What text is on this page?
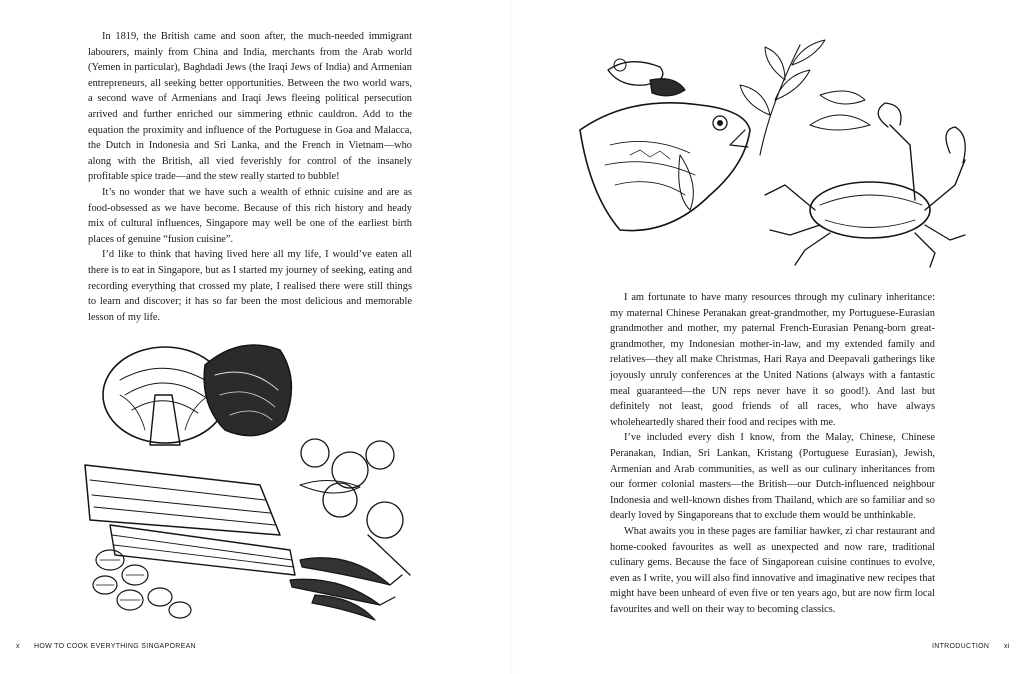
In 1819, the British came and soon after, the much-needed immigrant labourers, mainly from China and India, merchants from the Arab world (Yemen in particular), Baghdadi Jews (the Iraqi Jews of India) and Armenian entrepreneurs, all seeking better opportunities. Between the two world wars, a second wave of Armenians and Iraqi Jews fleeing political persecution arrived and further enriched our simmering ethnic cauldron. Add to the equation the proximity and influence of the Portuguese in Goa and Malacca, the Dutch in Indonesia and Sri Lanka, and the French in Vietnam—who along with the British, all vied feverishly for control of the insanely profitable spice trade—and the stew really started to bubble!

It’s no wonder that we have such a wealth of ethnic cuisine and are as food-obsessed as we have become. Because of this rich history and heady mix of cultural influences, Singapore may well be one of the earliest birth places of genuine “fusion cuisine”.

I’d like to think that having lived here all my life, I would’ve eaten all there is to eat in Singapore, but as I started my journey of seeking, eating and recording everything that crossed my plate, I realised there were still things to learn and discover; it has so far been the most delicious and memorable lesson of my life.

I am fortunate to have many resources through my culinary inheritance: my maternal Chinese Peranakan great-grandmother, my Portuguese-Eurasian grandmother and mother, my paternal French-Eurasian Penang-born great-grandmother, my Indonesian mother-in-law, and my extended family and relatives—they all make Christmas, Hari Raya and Deepavali gatherings like joyously unruly conferences at the United Nations (always with a fantastic meal guaranteed—the UN reps never have it so good!). And last but definitely not least, good friends of all races, who have always wholeheartedly shared their food and recipes with me.

I’ve included every dish I know, from the Malay, Chinese, Chinese Peranakan, Indian, Sri Lankan, Kristang (Portuguese Eurasian), Jewish, Armenian and Arab communities, as well as our culinary inheritances from our former colonial masters—the British—our Dutch-influenced neighbour Indonesia and well-known dishes from Thailand, which are so familiar and so dearly loved by Singaporeans that to exclude them would be unthinkable.

What awaits you in these pages are familiar hawker, zi char restaurant and home-cooked favourites as well as unexpected and now rare, traditional culinary gems. Because the face of Singaporean cuisine continues to evolve, even as I write, you will also find innovative and imaginative new recipes that might have been unheard of even five or ten years ago, but are now firm local favourites and well on their way to becoming classics.

x HOW TO COOK EVERYTHING SINGAPOREAN	INTRODUCTION xi
